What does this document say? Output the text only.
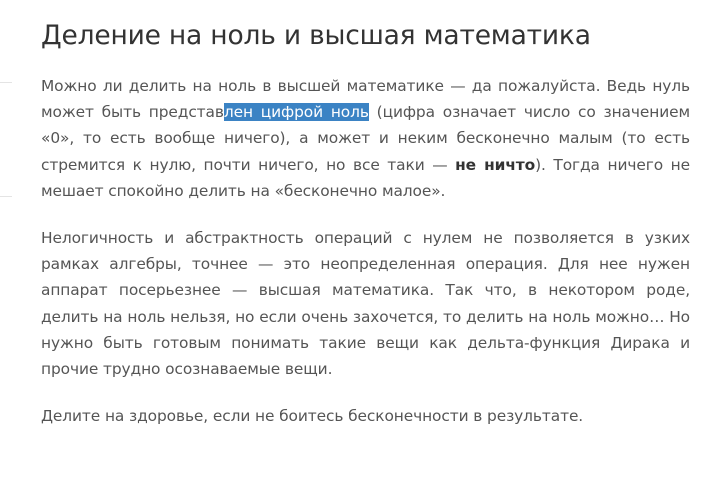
Деление на ноль и высшая математика

Можно ли делить на ноль в высшей математике — да пожалуйста. Ведь нуль может быть представлен цифрой ноль (цифра означает число со значением «0», то есть вообще ничего), а может и неким бесконечно малым (то есть стремится к нулю, почти ничего, но все таки — не ничто). Тогда ничего не мешает спокойно делить на «бесконечно малое».

Нелогичность и абстрактность операций с нулем не позволяется в узких рамках алгебры, точнее — это неопределенная операция. Для нее нужен аппарат посерьезнее — высшая математика. Так что, в некотором роде, делить на ноль нельзя, но если очень захочется, то делить на ноль можно… Но нужно быть готовым понимать такие вещи как дельта-функция Дирака и прочие трудно осознаваемые вещи.

Делите на здоровье, если не боитесь бесконечности в результате.
